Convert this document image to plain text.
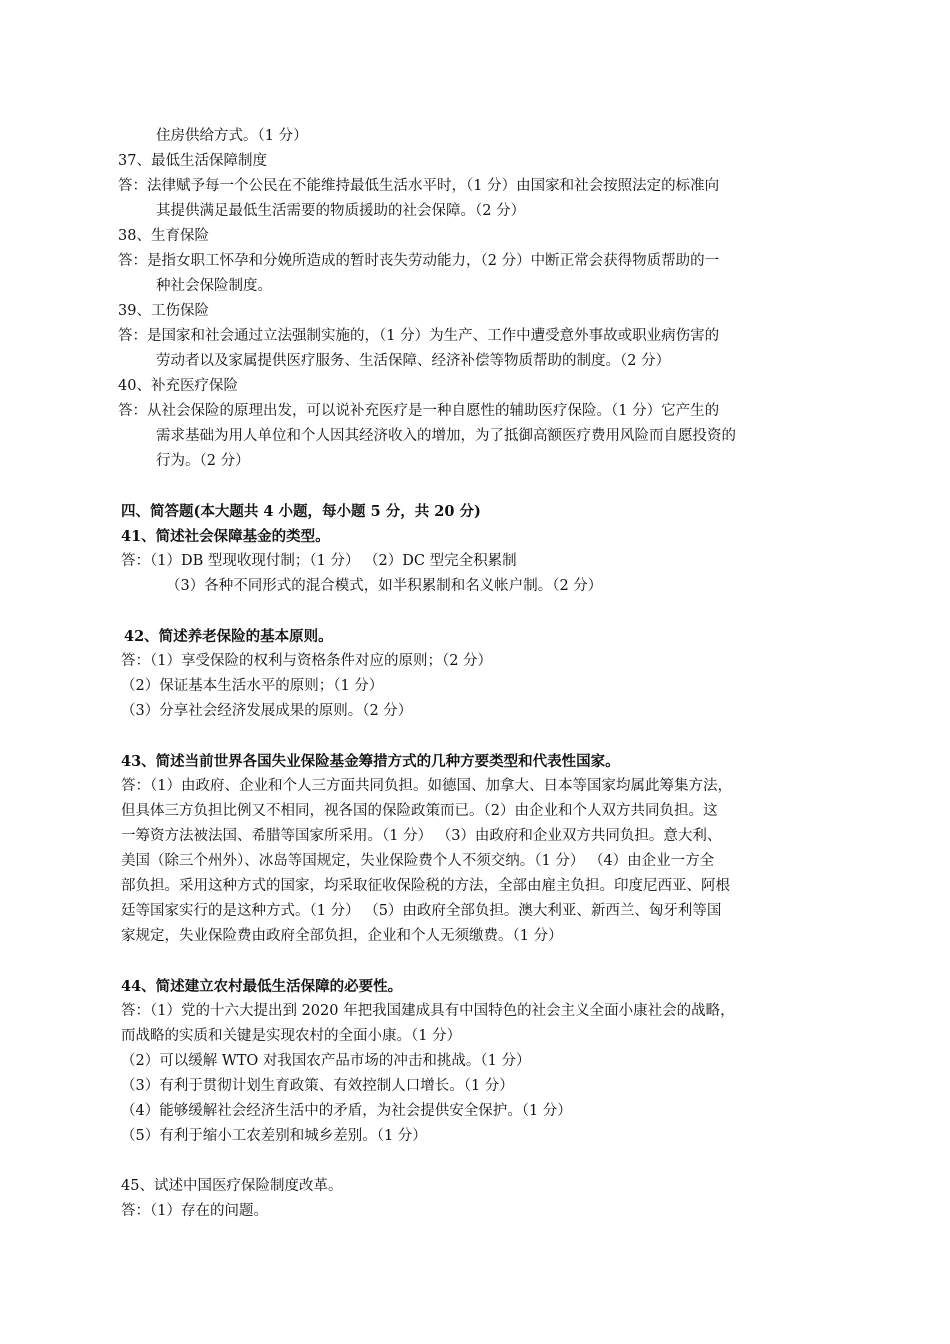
住房供给方式。（1 分）
37、最低生活保障制度
答：法律赋予每一个公民在不能维持最低生活水平时，（1 分）由国家和社会按照法定的标准向
其提供满足最低生活需要的物质援助的社会保障。（2 分）
38、生育保险
答：是指女职工怀孕和分娩所造成的暂时丧失劳动能力，（2 分）中断正常会获得物质帮助的一
种社会保险制度。
39、工伤保险
答：是国家和社会通过立法强制实施的，（1 分）为生产、工作中遭受意外事故或职业病伤害的
劳动者以及家属提供医疗服务、生活保障、经济补偿等物质帮助的制度。（2 分）
40、补充医疗保险
答：从社会保险的原理出发，可以说补充医疗是一种自愿性的辅助医疗保险。（1 分）它产生的
需求基础为用人单位和个人因其经济收入的增加，为了抵御高额医疗费用风险而自愿投资的
行为。（2 分）
四、简答题(本大题共 4 小题，每小题 5 分，共 20 分)
41、简述社会保障基金的类型。
答：（1）DB 型现收现付制；（1 分） （2）DC 型完全积累制
（3）各种不同形式的混合模式，如半积累制和名义帐户制。（2 分）
42、简述养老保险的基本原则。
答：（1）享受保险的权利与资格条件对应的原则；（2 分）
（2）保证基本生活水平的原则；（1 分）
（3）分享社会经济发展成果的原则。（2 分）
43、简述当前世界各国失业保险基金筹措方式的几种方要类型和代表性国家。
答：（1）由政府、企业和个人三方面共同负担。如德国、加拿大、日本等国家均属此筹集方法，
但具体三方负担比例又不相同，视各国的保险政策而已。（2）由企业和个人双方共同负担。这
一筹资方法被法国、希腊等国家所采用。（1 分） （3）由政府和企业双方共同负担。意大利、
美国（除三个州外）、冰岛等国规定，失业保险费个人不须交纳。（1 分） （4）由企业一方全
部负担。采用这种方式的国家，均采取征收保险税的方法，全部由雇主负担。印度尼西亚、阿根
廷等国家实行的是这种方式。（1 分） （5）由政府全部负担。澳大利亚、新西兰、匈牙利等国
家规定，失业保险费由政府全部负担，企业和个人无须缴费。（1 分）
44、简述建立农村最低生活保障的必要性。
答：（1）党的十六大提出到 2020 年把我国建成具有中国特色的社会主义全面小康社会的战略，
而战略的实质和关键是实现农村的全面小康。（1 分）
（2）可以缓解 WTO 对我国农产品市场的冲击和挑战。（1 分）
（3）有利于贯彻计划生育政策、有效控制人口增长。（1 分）
（4）能够缓解社会经济生活中的矛盾，为社会提供安全保护。（1 分）
（5）有利于缩小工农差别和城乡差别。（1 分）
45、试述中国医疗保险制度改革。
答：（1）存在的问题。
